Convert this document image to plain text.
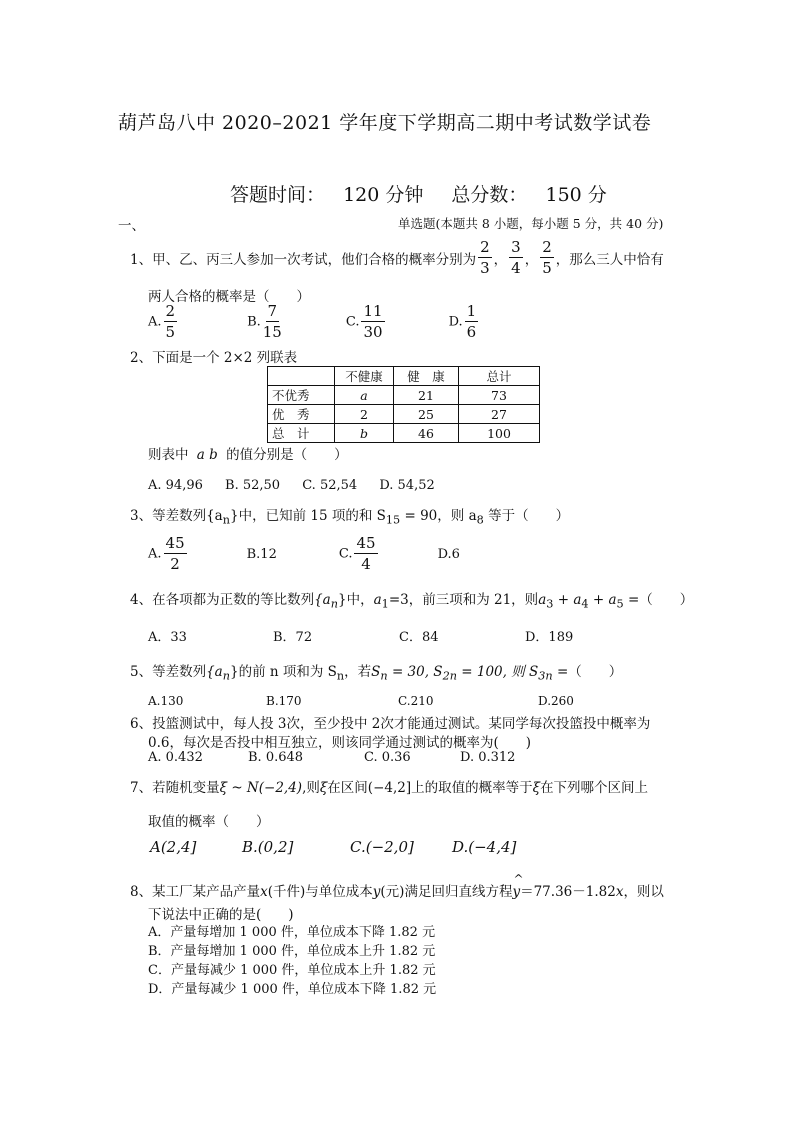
葫芦岛八中 2020–2021 学年度下学期高二期中考试数学试卷
答题时间： 120 分钟 总分数： 150 分
一、	单选题(本题共 8 小题，每小题 5 分，共 40 分)
1、甲、乙、丙三人参加一次考试，他们合格的概率分别为 $\frac{2}{3}$ ， $\frac{3}{4}$ ， $\frac{2}{5}$ ，那么三人中恰有
两人合格的概率是（　　）
A. $\frac{2}{5}$	B. $\frac{7}{15}$	C. $\frac{11}{30}$	D. $\frac{1}{6}$
2、下面是一个 2×2 列联表
	不健康	健　康	总计
不优秀	a	21	73
优　秀	2	25	27
总　计	b	46	100
则表中 a b 的值分别是（　　）
A. 94,96 B. 52,50 C. 52,54 D. 54,52
3、等差数列$\{a_n\}$中，已知前 15 项的和 $S_{15} = 90$，则 $a_8$ 等于（　　）
A. $\frac{45}{2}$	B.12	C. $\frac{45}{4}$	D.6
4、在各项都为正数的等比数列$\{a_n\}$中，$a_1=3$，前三项和为 21，则$a_3 + a_4 + a_5$ =（　　）
A．33	B．72	C．84	D．189
5、等差数列$\{a_n\}$的前 n 项和为 $S_n$，若$S_n = 30$, $S_{2n} = 100$, 则 $S_{3n}$ =（　　）
A.130	B.170	C.210	D.260
6、投篮测试中，每人投 3次，至少投中 2次才能通过测试。某同学每次投篮投中概率为
0.6，每次是否投中相互独立，则该同学通过测试的概率为(　　)
A. 0.432	B. 0.648	C. 0.36	D. 0.312
7、若随机变量ξ ~ N(−2,4),则ξ在区间(−4,2]上的取值的概率等于ξ在下列哪个区间上
取值的概率（　　）
A(2,4]	B.(0,2]	C.(−2,0]	D.(−4,4]
8、某工厂某产品产量x(千件)与单位成本y(元)满足回归直线方程^ y＝77.36－1.82x，则以
下说法中正确的是(　　)
A．产量每增加 1 000 件，单位成本下降 1.82 元
B．产量每增加 1 000 件，单位成本上升 1.82 元
C．产量每减少 1 000 件，单位成本上升 1.82 元
D．产量每减少 1 000 件，单位成本下降 1.82 元
